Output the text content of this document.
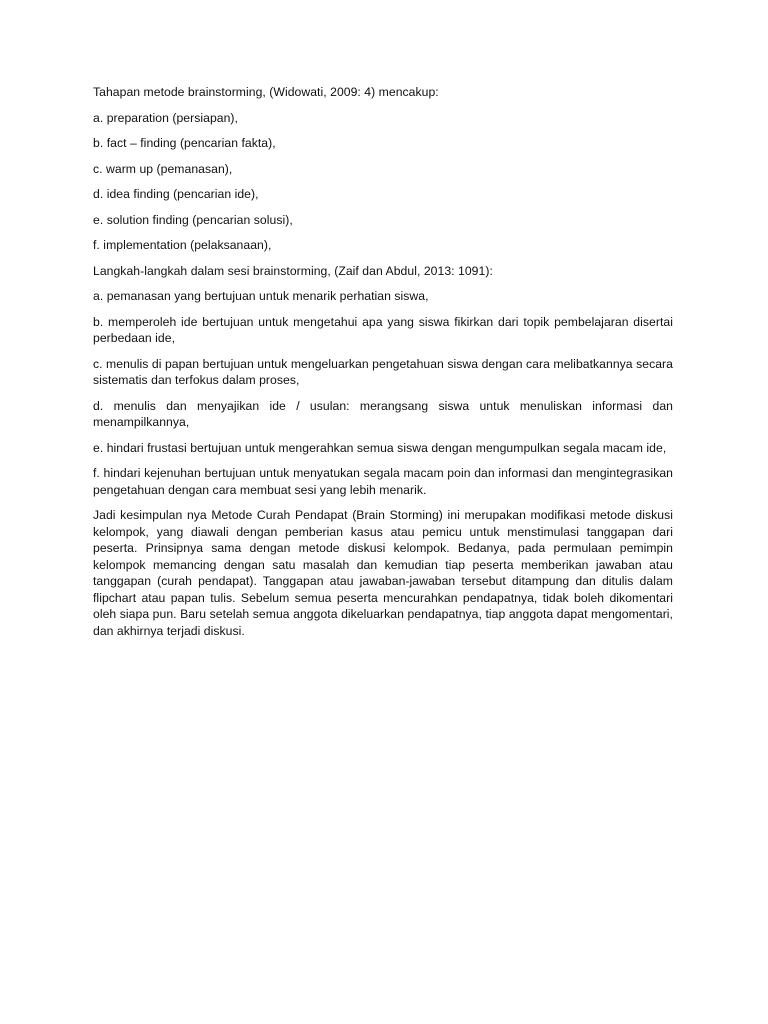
Tahapan metode brainstorming, (Widowati, 2009: 4) mencakup:

a. preparation (persiapan),

b. fact – finding (pencarian fakta),

c. warm up (pemanasan),

d. idea finding (pencarian ide),

e. solution finding (pencarian solusi),

f. implementation (pelaksanaan),

Langkah-langkah dalam sesi brainstorming, (Zaif dan Abdul, 2013: 1091):

a. pemanasan yang bertujuan untuk menarik perhatian siswa,

b. memperoleh ide bertujuan untuk mengetahui apa yang siswa fikirkan dari topik pembelajaran disertai perbedaan ide,

c. menulis di papan bertujuan untuk mengeluarkan pengetahuan siswa dengan cara melibatkannya secara sistematis dan terfokus dalam proses,

d. menulis dan menyajikan ide / usulan: merangsang siswa untuk menuliskan informasi dan menampilkannya,

e. hindari frustasi bertujuan untuk mengerahkan semua siswa dengan mengumpulkan segala macam ide,

f. hindari kejenuhan bertujuan untuk menyatukan segala macam poin dan informasi dan mengintegrasikan pengetahuan dengan cara membuat sesi yang lebih menarik.

Jadi kesimpulan nya Metode Curah Pendapat (Brain Storming) ini merupakan modifikasi metode diskusi kelompok, yang diawali dengan pemberian kasus atau pemicu untuk menstimulasi tanggapan dari peserta. Prinsipnya sama dengan metode diskusi kelompok. Bedanya, pada permulaan pemimpin kelompok memancing dengan satu masalah dan kemudian tiap peserta memberikan jawaban atau tanggapan (curah pendapat). Tanggapan atau jawaban-jawaban tersebut ditampung dan ditulis dalam flipchart atau papan tulis. Sebelum semua peserta mencurahkan pendapatnya, tidak boleh dikomentari oleh siapa pun. Baru setelah semua anggota dikeluarkan pendapatnya, tiap anggota dapat mengomentari, dan akhirnya terjadi diskusi.
